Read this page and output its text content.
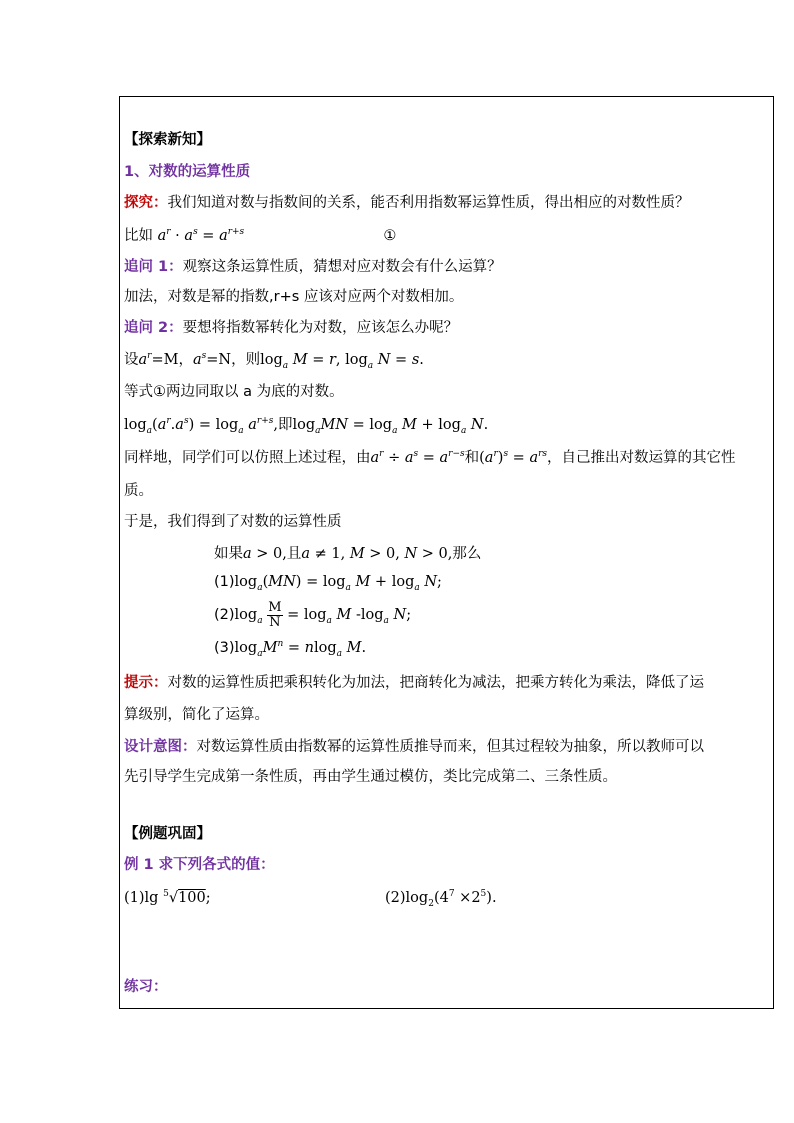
【探索新知】
1、对数的运算性质
探究：我们知道对数与指数间的关系，能否利用指数幂运算性质，得出相应的对数性质？
比如 $a^r \cdot a^s = a^{r+s}$	①
追问 1：观察这条运算性质，猜想对应对数会有什么运算？
加法，对数是幂的指数,r+s 应该对应两个对数相加。
追问 2：要想将指数幂转化为对数，应该怎么办呢？
设$a^r=M$，$a^s=N$，则$\log_a M = r$, $\log_a N = s$.
等式①两边同取以 a 为底的对数。
$\log_a(a^r.a^s) = \log_a a^{r+s}$,即$\log_aMN = \log_a M + \log_a N$.
同样地，同学们可以仿照上述过程，由$a^r \div a^s = a^{r-s}$和$(a^r)^s = a^{rs}$，自己推出对数运算的其它性
质。
于是，我们得到了对数的运算性质
如果a > 0,且a ≠ 1, M > 0, N > 0,那么
$(1)\log_a(MN) = \log_a M + \log_a N$;
$(2)\log_a \frac{M}{N} = \log_a M$ $-\log_a$ N;
$(3)\log_aM^n = nlog_a$ M.
提示：对数的运算性质把乘积转化为加法，把商转化为减法，把乘方转化为乘法，降低了运
算级别，简化了运算。
设计意图：对数运算性质由指数幂的运算性质推导而来，但其过程较为抽象，所以教师可以
先引导学生完成第一条性质，再由学生通过模仿，类比完成第二、三条性质。
【例题巩固】
例 1 求下列各式的值：
(1)lg $^5$√100;	$(2)\log_2(4^7 \times 2^5)$.
练习：
